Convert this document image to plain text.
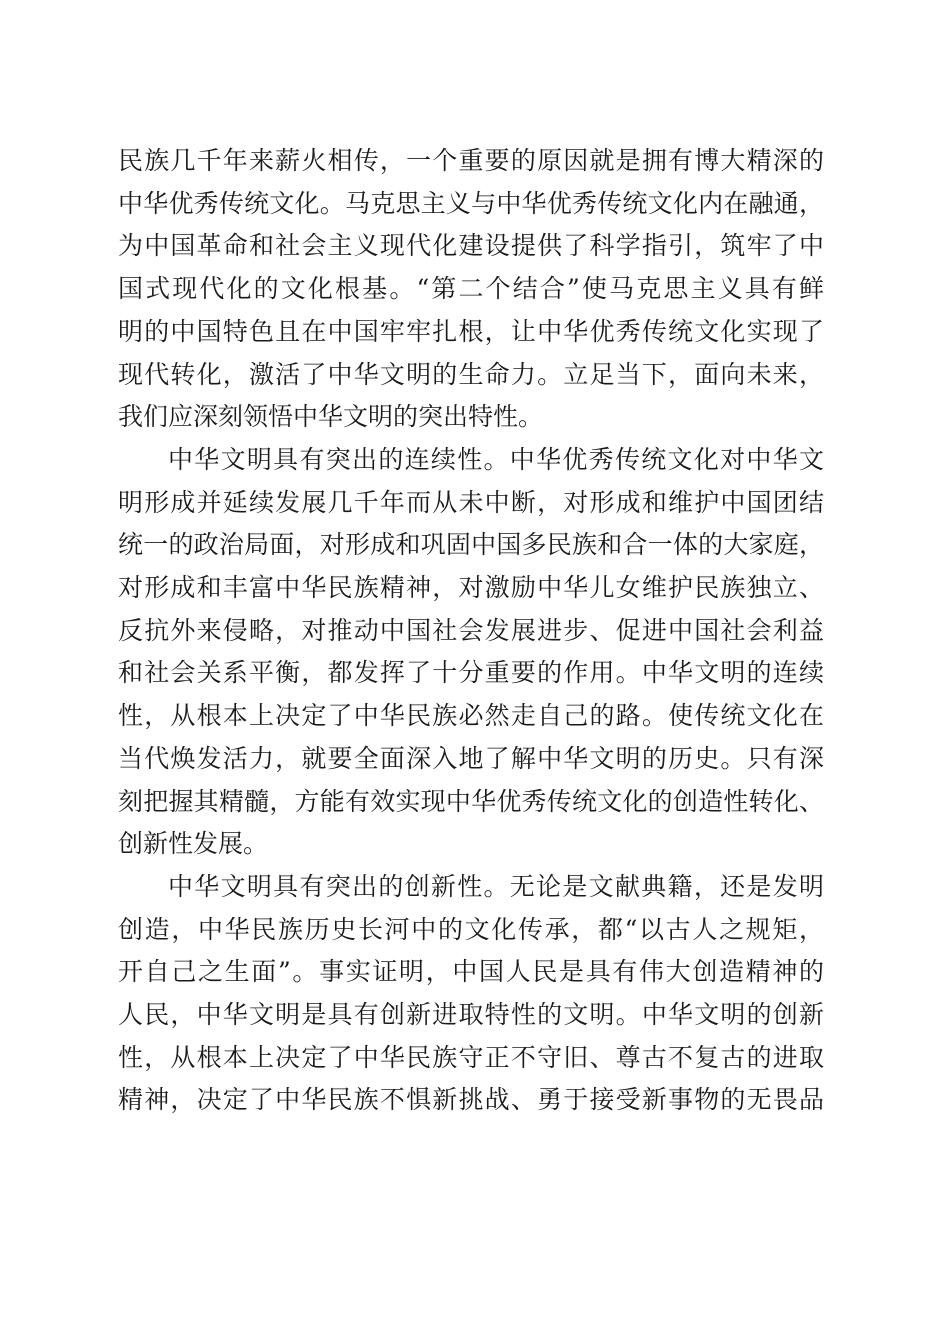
民族几千年来薪火相传，一个重要的原因就是拥有博大精深的
中华优秀传统文化。马克思主义与中华优秀传统文化内在融通，
为中国革命和社会主义现代化建设提供了科学指引，筑牢了中
国式现代化的文化根基。“第二个结合”使马克思主义具有鲜
明的中国特色且在中国牢牢扎根，让中华优秀传统文化实现了
现代转化，激活了中华文明的生命力。立足当下，面向未来，
我们应深刻领悟中华文明的突出特性。
中华文明具有突出的连续性。中华优秀传统文化对中华文
明形成并延续发展几千年而从未中断，对形成和维护中国团结
统一的政治局面，对形成和巩固中国多民族和合一体的大家庭，
对形成和丰富中华民族精神，对激励中华儿女维护民族独立、
反抗外来侵略，对推动中国社会发展进步、促进中国社会利益
和社会关系平衡，都发挥了十分重要的作用。中华文明的连续
性，从根本上决定了中华民族必然走自己的路。使传统文化在
当代焕发活力，就要全面深入地了解中华文明的历史。只有深
刻把握其精髓，方能有效实现中华优秀传统文化的创造性转化、
创新性发展。
中华文明具有突出的创新性。无论是文献典籍，还是发明
创造，中华民族历史长河中的文化传承，都“以古人之规矩，
开自己之生面”。事实证明，中国人民是具有伟大创造精神的
人民，中华文明是具有创新进取特性的文明。中华文明的创新
性，从根本上决定了中华民族守正不守旧、尊古不复古的进取
精神，决定了中华民族不惧新挑战、勇于接受新事物的无畏品
